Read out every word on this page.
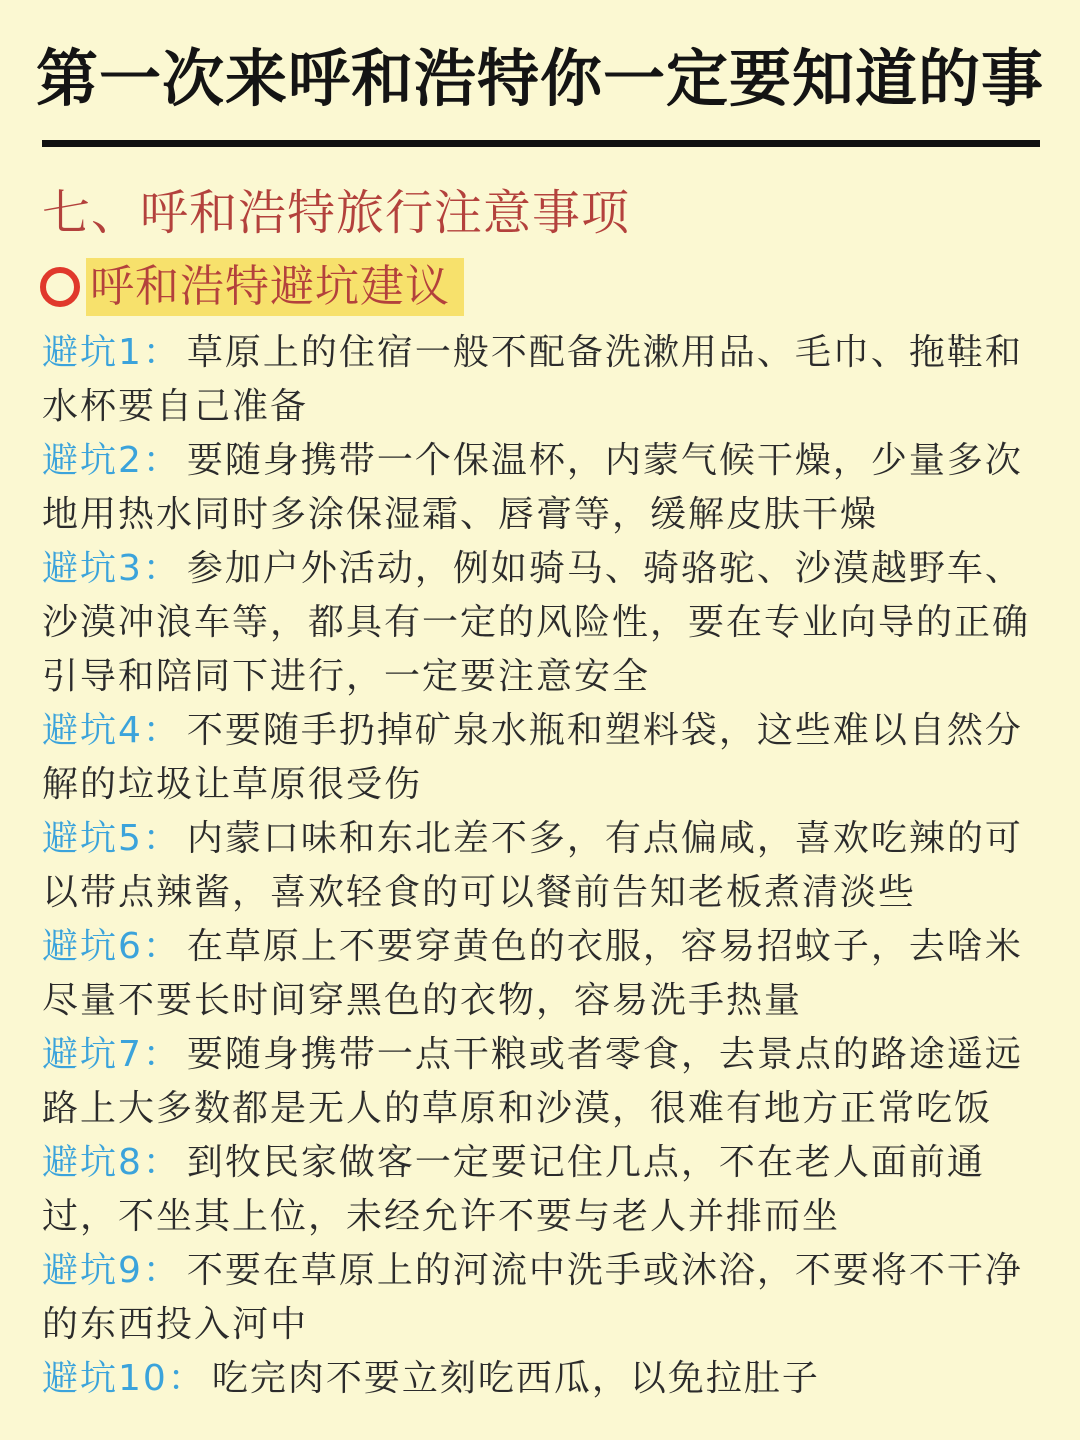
第一次来呼和浩特你一定要知道的事
七、呼和浩特旅行注意事项
呼和浩特避坑建议
避坑1： 草原上的住宿一般不配备洗漱用品、毛巾、拖鞋和水杯要自己准备
避坑2： 要随身携带一个保温杯，内蒙气候干燥，少量多次地用热水同时多涂保湿霜、唇膏等，缓解皮肤干燥
避坑3： 参加户外活动，例如骑马、骑骆驼、沙漠越野车、沙漠冲浪车等，都具有一定的风险性，要在专业向导的正确引导和陪同下进行，一定要注意安全
避坑4： 不要随手扔掉矿泉水瓶和塑料袋，这些难以自然分解的垃圾让草原很受伤
避坑5： 内蒙口味和东北差不多，有点偏咸，喜欢吃辣的可以带点辣酱，喜欢轻食的可以餐前告知老板煮清淡些
避坑6： 在草原上不要穿黄色的衣服，容易招蚊子，去啥米尽量不要长时间穿黑色的衣物，容易洗手热量
避坑7： 要随身携带一点干粮或者零食，去景点的路途遥远路上大多数都是无人的草原和沙漠，很难有地方正常吃饭
避坑8： 到牧民家做客一定要记住几点，不在老人面前通过，不坐其上位，未经允许不要与老人并排而坐
避坑9： 不要在草原上的河流中洗手或沐浴，不要将不干净的东西投入河中
避坑10： 吃完肉不要立刻吃西瓜，以免拉肚子
